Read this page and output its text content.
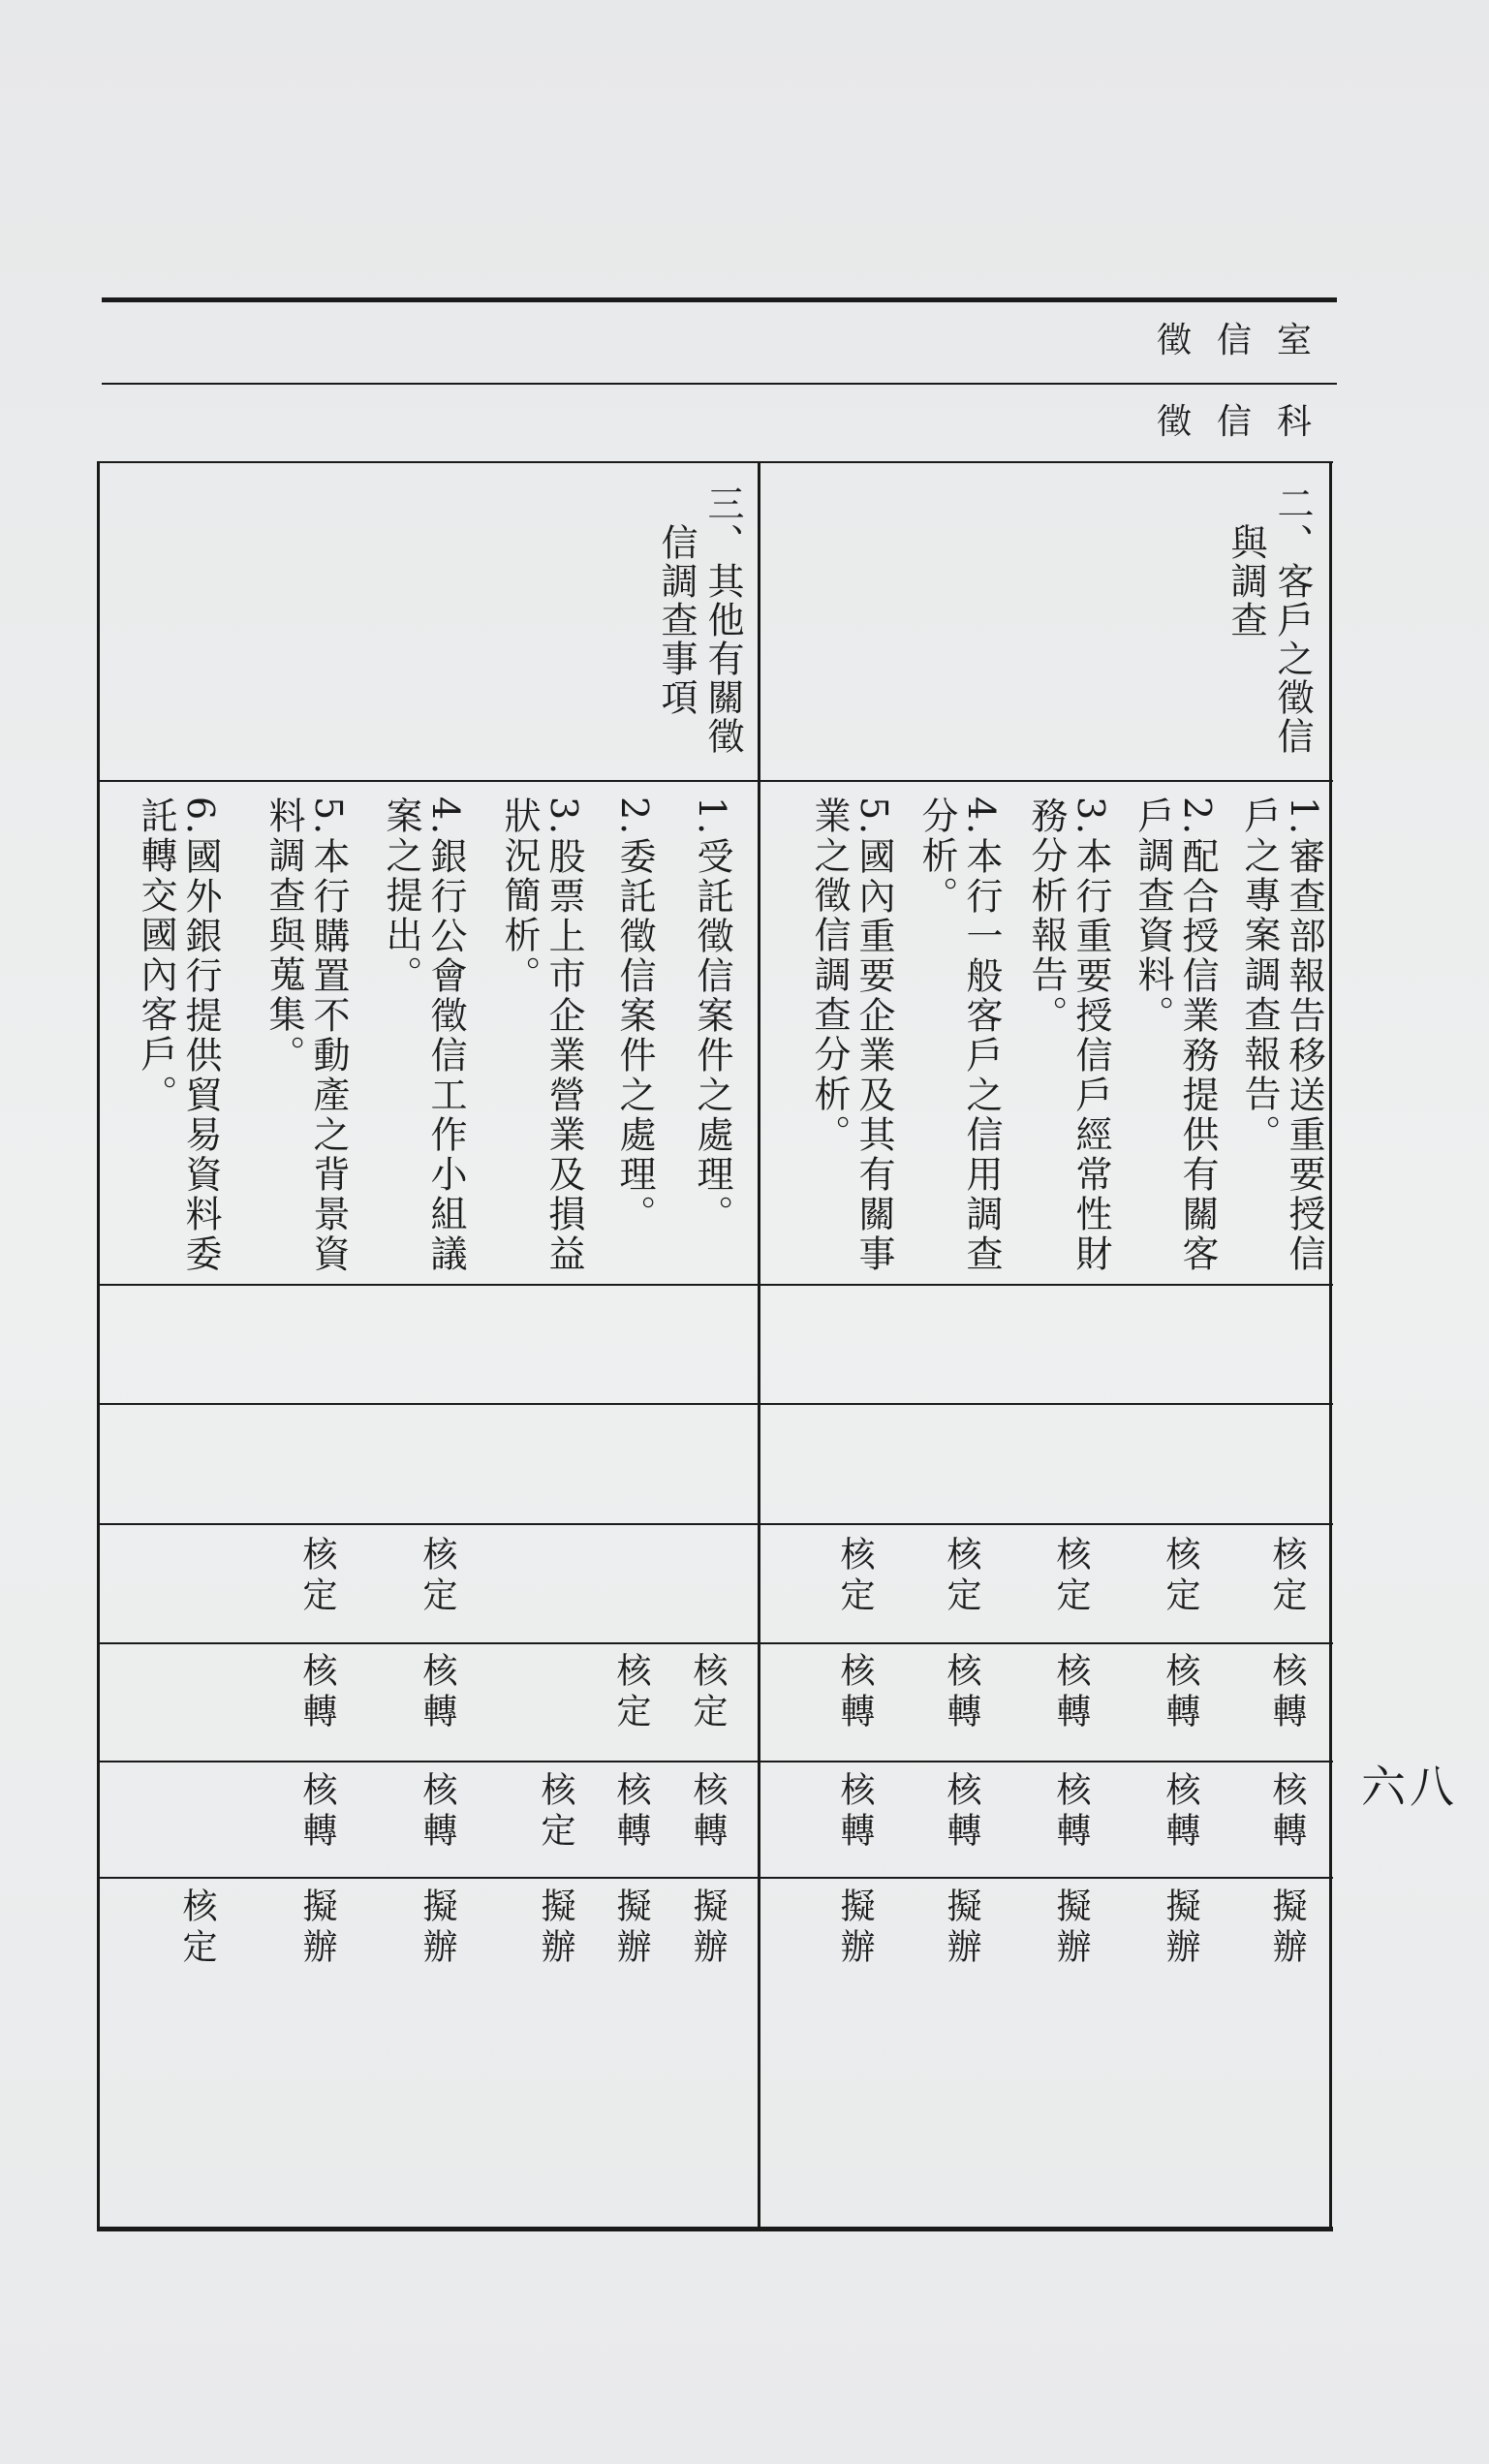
徵信室
徵信科
二、客戶之徵信
　與調查
三、其他有關徵
　信調查事項
1.審查部報告移送重要授信
戶之專案調查報告。
2.配合授信業務提供有關客
戶調查資料。
3.本行重要授信戶經常性財
務分析報告。
4.本行一般客戶之信用調查
分析。
5.國內重要企業及其有關事
業之徵信調查分析。
1.受託徵信案件之處理。
2.委託徵信案件之處理。
3.股票上市企業營業及損益
狀況簡析。
4.銀行公會徵信工作小組議
案之提出。
5.本行購置不動產之背景資
料調查與蒐集。
6.國外銀行提供貿易資料委
託轉交國內客戶。
核定
核轉
核轉
擬辦
核定
核轉
核轉
擬辦
核定
核轉
核轉
擬辦
核定
核轉
核轉
擬辦
核定
核轉
核轉
擬辦
核定
核轉
擬辦
核定
核轉
擬辦
核定
擬辦
核定
核轉
核轉
擬辦
核定
核轉
核轉
擬辦
核定
六八
